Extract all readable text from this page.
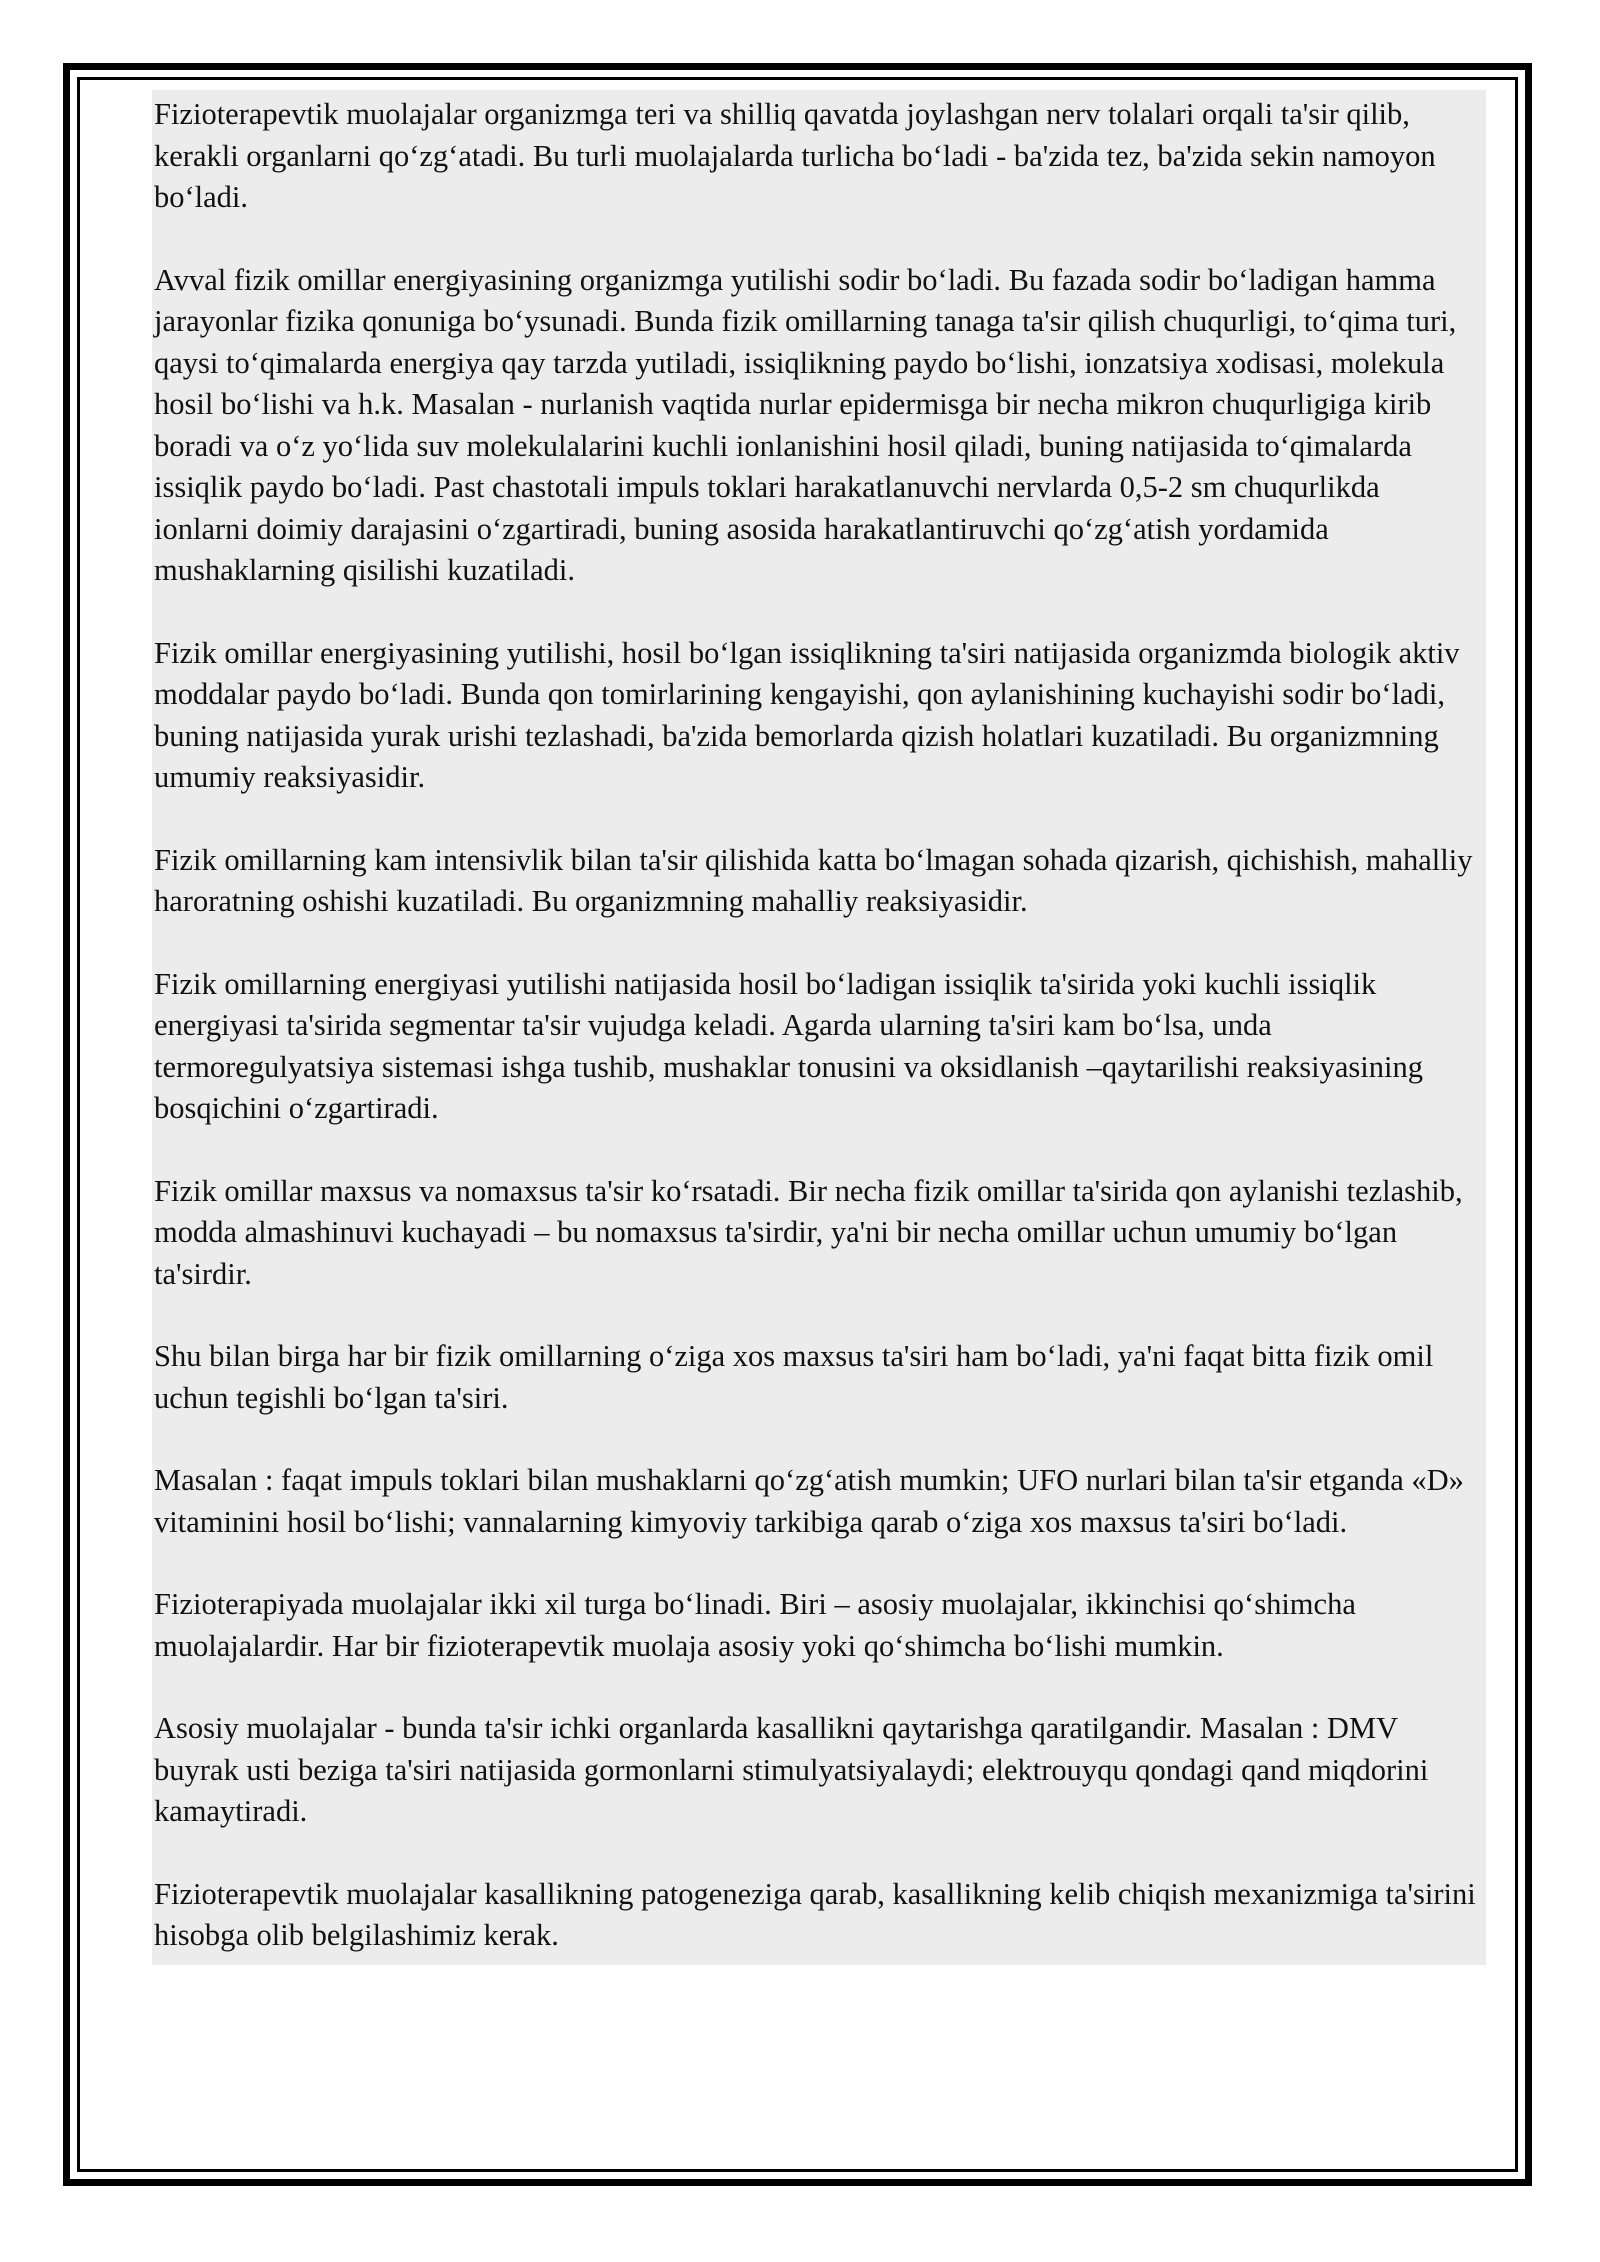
Fizioterapevtik muolajalar organizmga teri va shilliq qavatda joylashgan nerv tolalari orqali ta'sir qilib, kerakli organlarni qo‘zg‘atadi. Bu turli muolajalarda turlicha bo‘ladi - ba'zida tez, ba'zida sekin namoyon bo‘ladi.

Avval fizik omillar energiyasining organizmga yutilishi sodir bo‘ladi. Bu fazada sodir bo‘ladigan hamma jarayonlar fizika qonuniga bo‘ysunadi. Bunda fizik omillarning tanaga ta'sir qilish chuqurligi, to‘qima turi, qaysi to‘qimalarda energiya qay tarzda yutiladi, issiqlikning paydo bo‘lishi, ionzatsiya xodisasi, molekula hosil bo‘lishi va h.k. Masalan - nurlanish vaqtida nurlar epidermisga bir necha mikron chuqurligiga kirib boradi va o‘z yo‘lida suv molekulalarini kuchli ionlanishini hosil qiladi, buning natijasida to‘qimalarda issiqlik paydo bo‘ladi. Past chastotali impuls toklari harakatlanuvchi nervlarda 0,5-2 sm chuqurlikda ionlarni doimiy darajasini o‘zgartiradi, buning asosida harakatlantiruvchi qo‘zg‘atish yordamida mushaklarning qisilishi kuzatiladi.

Fizik omillar energiyasining yutilishi, hosil bo‘lgan issiqlikning ta'siri natijasida organizmda biologik aktiv moddalar paydo bo‘ladi. Bunda qon tomirlarining kengayishi, qon aylanishining kuchayishi sodir bo‘ladi, buning natijasida yurak urishi tezlashadi, ba'zida bemorlarda qizish holatlari kuzatiladi. Bu organizmning umumiy reaksiyasidir.

Fizik omillarning kam intensivlik bilan ta'sir qilishida katta bo‘lmagan sohada qizarish, qichishish, mahalliy haroratning oshishi kuzatiladi. Bu organizmning mahalliy reaksiyasidir.

Fizik omillarning energiyasi yutilishi natijasida hosil bo‘ladigan issiqlik ta'sirida yoki kuchli issiqlik energiyasi ta'sirida segmentar ta'sir vujudga keladi. Agarda ularning ta'siri kam bo‘lsa, unda termoregulyatsiya sistemasi ishga tushib, mushaklar tonusini va oksidlanish –qaytarilishi reaksiyasining bosqichini o‘zgartiradi.

Fizik omillar maxsus va nomaxsus ta'sir ko‘rsatadi. Bir necha fizik omillar ta'sirida qon aylanishi tezlashib, modda almashinuvi kuchayadi – bu nomaxsus ta'sirdir, ya'ni bir necha omillar uchun umumiy bo‘lgan ta'sirdir.

Shu bilan birga har bir fizik omillarning o‘ziga xos maxsus ta'siri ham bo‘ladi, ya'ni faqat bitta fizik omil uchun tegishli bo‘lgan ta'siri.

Masalan : faqat impuls toklari bilan mushaklarni qo‘zg‘atish mumkin; UFO nurlari bilan ta'sir etganda «D» vitaminini hosil bo‘lishi; vannalarning kimyoviy tarkibiga qarab o‘ziga xos maxsus ta'siri bo‘ladi.

Fizioterapiyada muolajalar ikki xil turga bo‘linadi. Biri – asosiy muolajalar, ikkinchisi qo‘shimcha muolajalardir. Har bir fizioterapevtik muolaja asosiy yoki qo‘shimcha bo‘lishi mumkin.

Asosiy muolajalar - bunda ta'sir ichki organlarda kasallikni qaytarishga qaratilgandir. Masalan : DMV buyrak usti beziga ta'siri natijasida gormonlarni stimulyatsiyalaydi; elektrouyqu qondagi qand miqdorini kamaytiradi.

Fizioterapevtik muolajalar kasallikning patogeneziga qarab, kasallikning kelib chiqish mexanizmiga ta'sirini hisobga olib belgilashimiz kerak.
